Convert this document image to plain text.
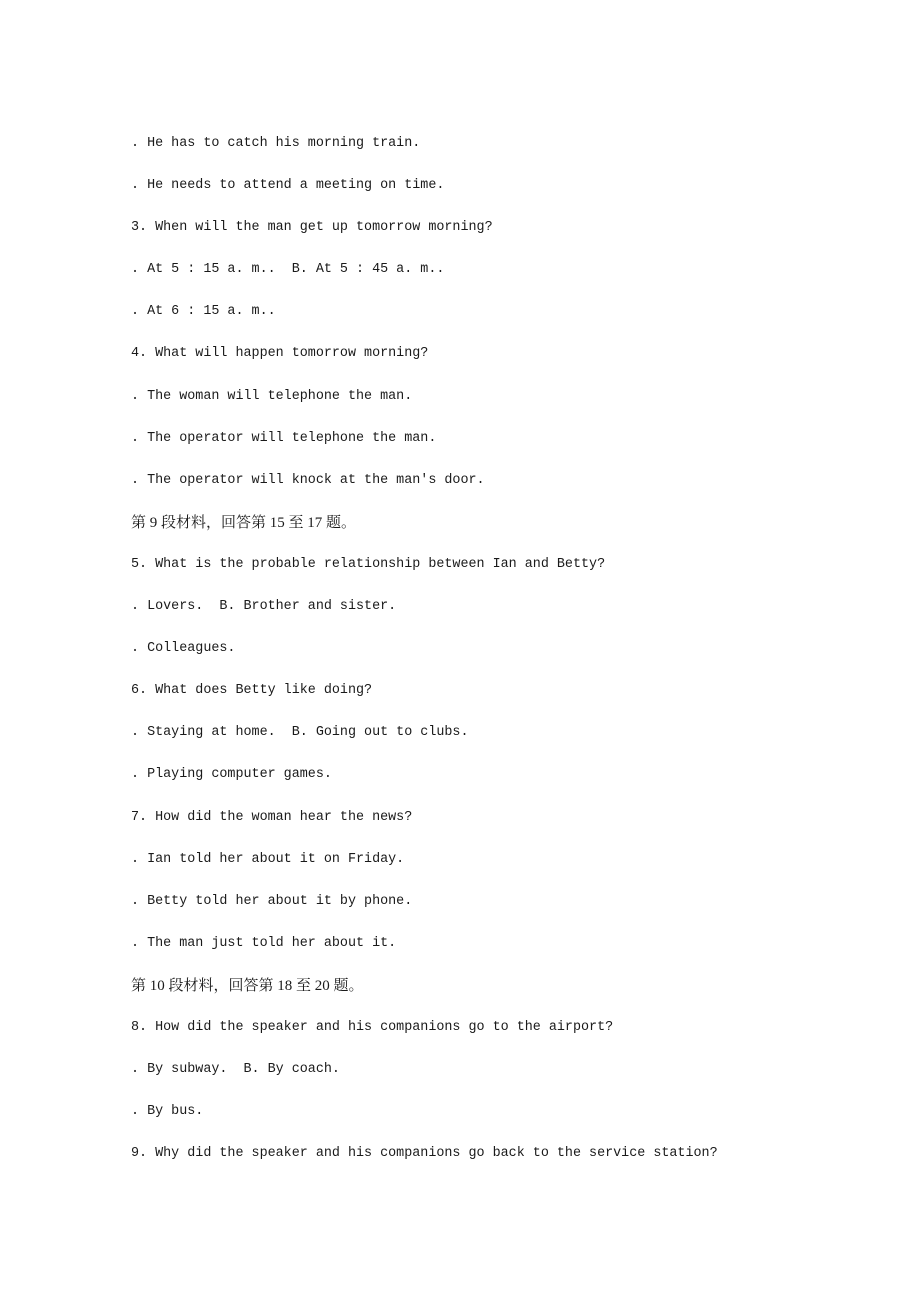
. He has to catch his morning train.
. He needs to attend a meeting on time.
3. When will the man get up tomorrow morning?
. At 5 : 15 a. m..  B. At 5 : 45 a. m..
. At 6 : 15 a. m..
4. What will happen tomorrow morning?
. The woman will telephone the man.
. The operator will telephone the man.
. The operator will knock at the man's door.
第 9 段材料，回答第 15 至 17 题。
5. What is the probable relationship between Ian and Betty?
. Lovers.  B. Brother and sister.
. Colleagues.
6. What does Betty like doing?
. Staying at home.  B. Going out to clubs.
. Playing computer games.
7. How did the woman hear the news?
. Ian told her about it on Friday.
. Betty told her about it by phone.
. The man just told her about it.
第 10 段材料，回答第 18 至 20 题。
8. How did the speaker and his companions go to the airport?
. By subway.  B. By coach.
. By bus.
9. Why did the speaker and his companions go back to the service station?
